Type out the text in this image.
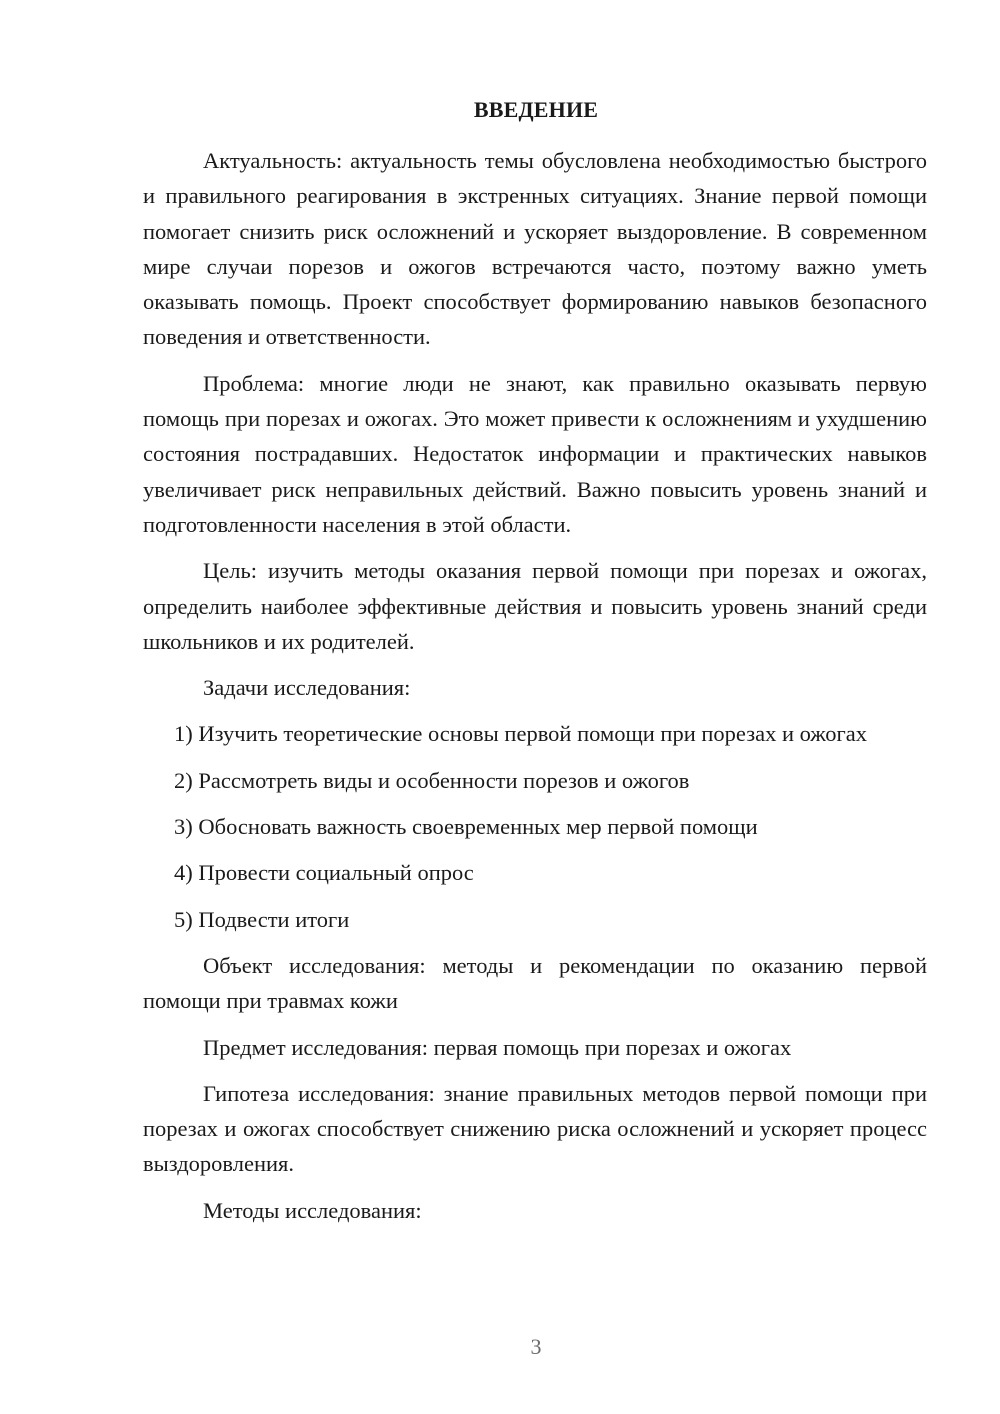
ВВЕДЕНИЕ

Актуальность: актуальность темы обусловлена необходимостью быстрого и правильного реагирования в экстренных ситуациях. Знание первой помощи помогает снизить риск осложнений и ускоряет выздоровление. В современном мире случаи порезов и ожогов встречаются часто, поэтому важно уметь оказывать помощь. Проект способствует формированию навыков безопасного поведения и ответственности.

Проблема: многие люди не знают, как правильно оказывать первую помощь при порезах и ожогах. Это может привести к осложнениям и ухудшению состояния пострадавших. Недостаток информации и практических навыков увеличивает риск неправильных действий. Важно повысить уровень знаний и подготовленности населения в этой области.

Цель: изучить методы оказания первой помощи при порезах и ожогах, определить наиболее эффективные действия и повысить уровень знаний среди школьников и их родителей.

Задачи исследования:

1) Изучить теоретические основы первой помощи при порезах и ожогах

2) Рассмотреть виды и особенности порезов и ожогов

3) Обосновать важность своевременных мер первой помощи

4) Провести социальный опрос

5) Подвести итоги

Объект исследования: методы и рекомендации по оказанию первой помощи при травмах кожи

Предмет исследования: первая помощь при порезах и ожогах

Гипотеза исследования: знание правильных методов первой помощи при порезах и ожогах способствует снижению риска осложнений и ускоряет процесс выздоровления.

Методы исследования:

3
